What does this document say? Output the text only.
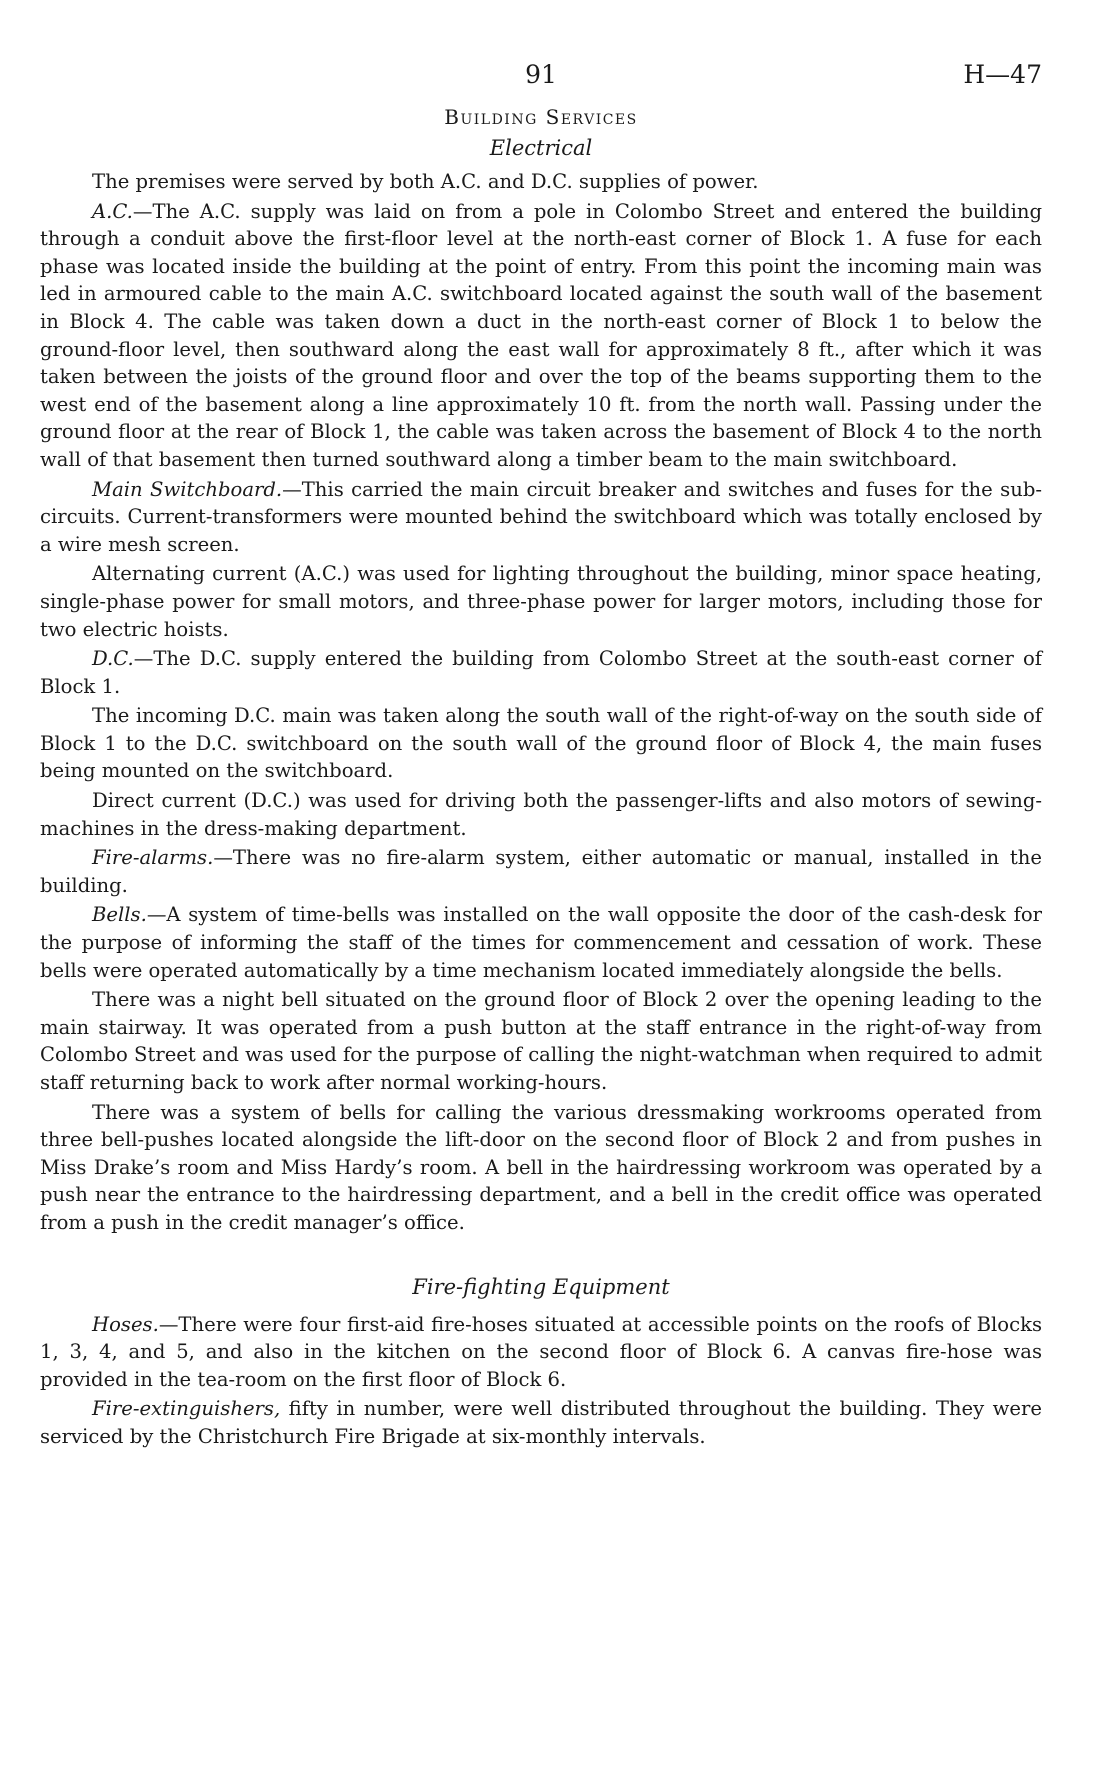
91	H—47
Building Services
Electrical

The premises were served by both A.C. and D.C. supplies of power.

A.C.—The A.C. supply was laid on from a pole in Colombo Street and entered the building through a conduit above the first-floor level at the north-east corner of Block 1. A fuse for each phase was located inside the building at the point of entry. From this point the incoming main was led in armoured cable to the main A.C. switchboard located against the south wall of the basement in Block 4. The cable was taken down a duct in the north-east corner of Block 1 to below the ground-floor level, then southward along the east wall for approximately 8 ft., after which it was taken between the joists of the ground floor and over the top of the beams supporting them to the west end of the basement along a line approximately 10 ft. from the north wall. Passing under the ground floor at the rear of Block 1, the cable was taken across the basement of Block 4 to the north wall of that basement then turned southward along a timber beam to the main switchboard.

Main Switchboard.—This carried the main circuit breaker and switches and fuses for the sub-circuits. Current-transformers were mounted behind the switchboard which was totally enclosed by a wire mesh screen.

Alternating current (A.C.) was used for lighting throughout the building, minor space heating, single-phase power for small motors, and three-phase power for larger motors, including those for two electric hoists.

D.C.—The D.C. supply entered the building from Colombo Street at the south-east corner of Block 1.

The incoming D.C. main was taken along the south wall of the right-of-way on the south side of Block 1 to the D.C. switchboard on the south wall of the ground floor of Block 4, the main fuses being mounted on the switchboard.

Direct current (D.C.) was used for driving both the passenger-lifts and also motors of sewing-machines in the dress-making department.

Fire-alarms.—There was no fire-alarm system, either automatic or manual, installed in the building.

Bells.—A system of time-bells was installed on the wall opposite the door of the cash-desk for the purpose of informing the staff of the times for commencement and cessation of work. These bells were operated automatically by a time mechanism located immediately alongside the bells.

There was a night bell situated on the ground floor of Block 2 over the opening leading to the main stairway. It was operated from a push button at the staff entrance in the right-of-way from Colombo Street and was used for the purpose of calling the night-watchman when required to admit staff returning back to work after normal working-hours.

There was a system of bells for calling the various dressmaking workrooms operated from three bell-pushes located alongside the lift-door on the second floor of Block 2 and from pushes in Miss Drake’s room and Miss Hardy’s room. A bell in the hairdressing workroom was operated by a push near the entrance to the hairdressing department, and a bell in the credit office was operated from a push in the credit manager’s office.

Fire-fighting Equipment

Hoses.—There were four first-aid fire-hoses situated at accessible points on the roofs of Blocks 1, 3, 4, and 5, and also in the kitchen on the second floor of Block 6. A canvas fire-hose was provided in the tea-room on the first floor of Block 6.

Fire-extinguishers, fifty in number, were well distributed throughout the building. They were serviced by the Christchurch Fire Brigade at six-monthly intervals.
